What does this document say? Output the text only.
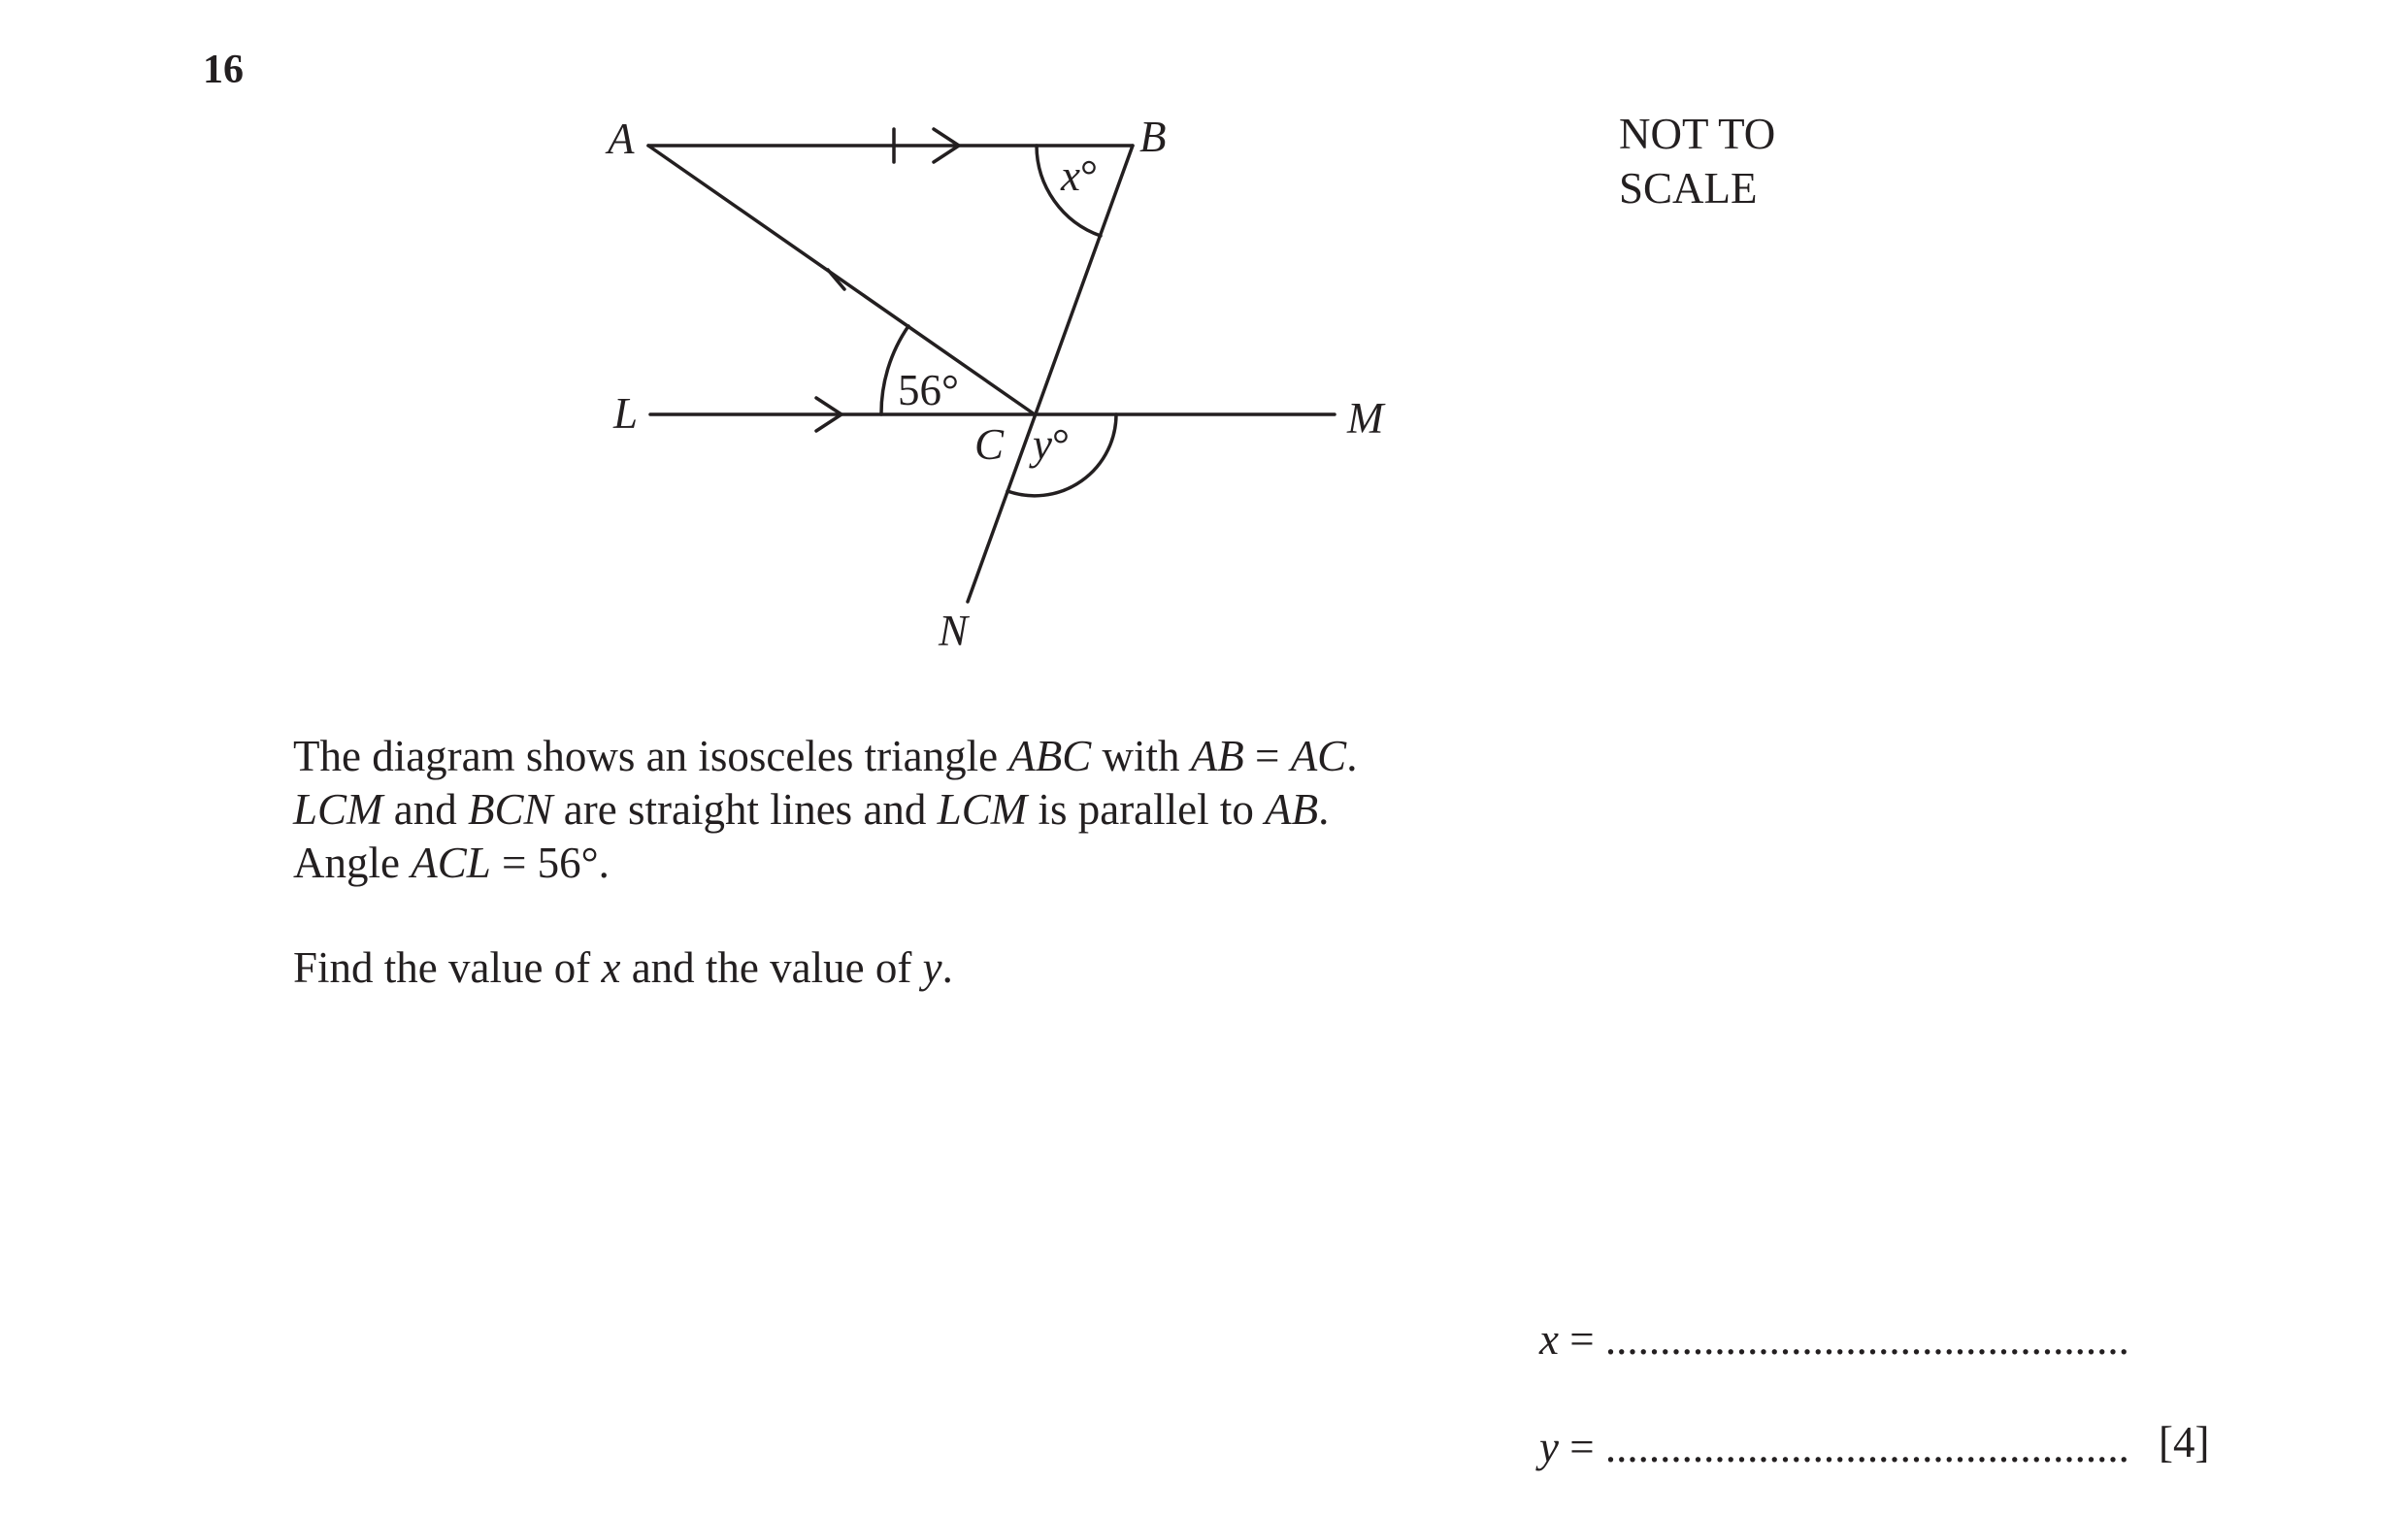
16
A	B
L	M
C
N
x°
56°
y°
NOT TO
SCALE

The diagram shows an isosceles triangle ABC with AB = AC.

LCM and BCN are straight lines and LCM is parallel to AB.

Angle ACL = 56°.

Find the value of x and the value of y.
x = ................................................
y = ................................................ [4]
